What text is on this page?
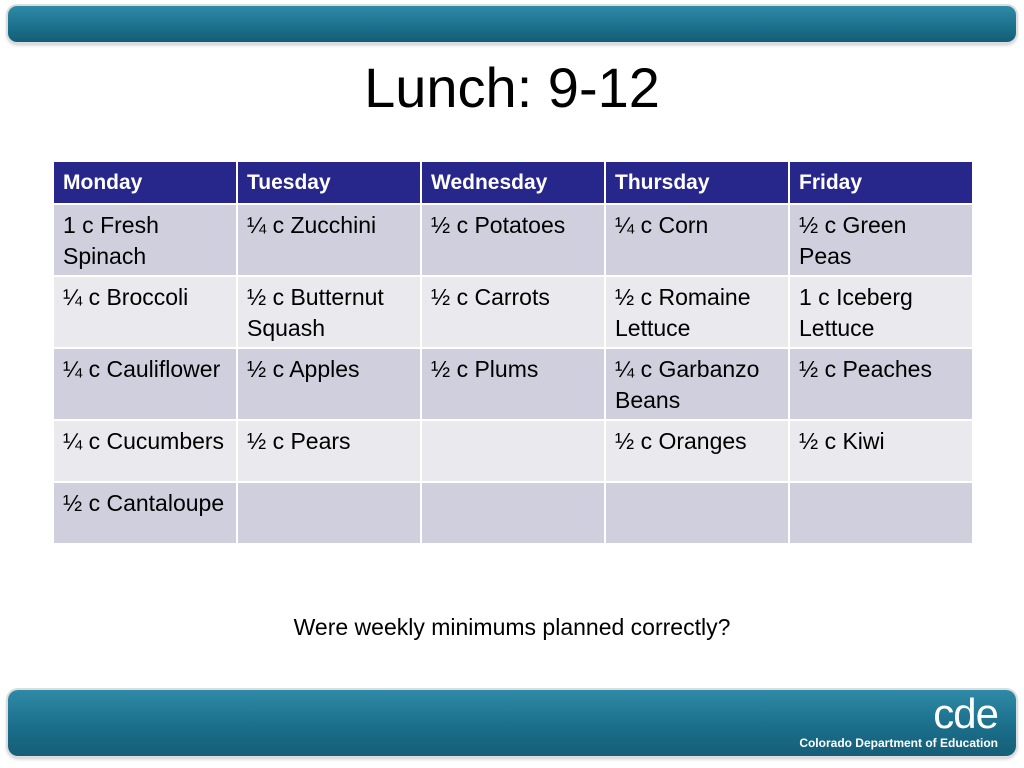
Lunch: 9-12
Monday	Tuesday	Wednesday	Thursday	Friday
1 c Fresh Spinach	¼ c Zucchini	½ c Potatoes	¼ c Corn	½ c Green Peas
¼ c Broccoli	½ c Butternut Squash	½ c Carrots	½ c Romaine Lettuce	1 c Iceberg Lettuce
¼ c Cauliflower	½ c Apples	½ c Plums	¼ c Garbanzo Beans	½ c Peaches
¼ c Cucumbers	½ c Pears		½ c Oranges	½ c Kiwi
½ c Cantaloupe				
Were weekly minimums planned correctly?
cde
Colorado Department of Education
